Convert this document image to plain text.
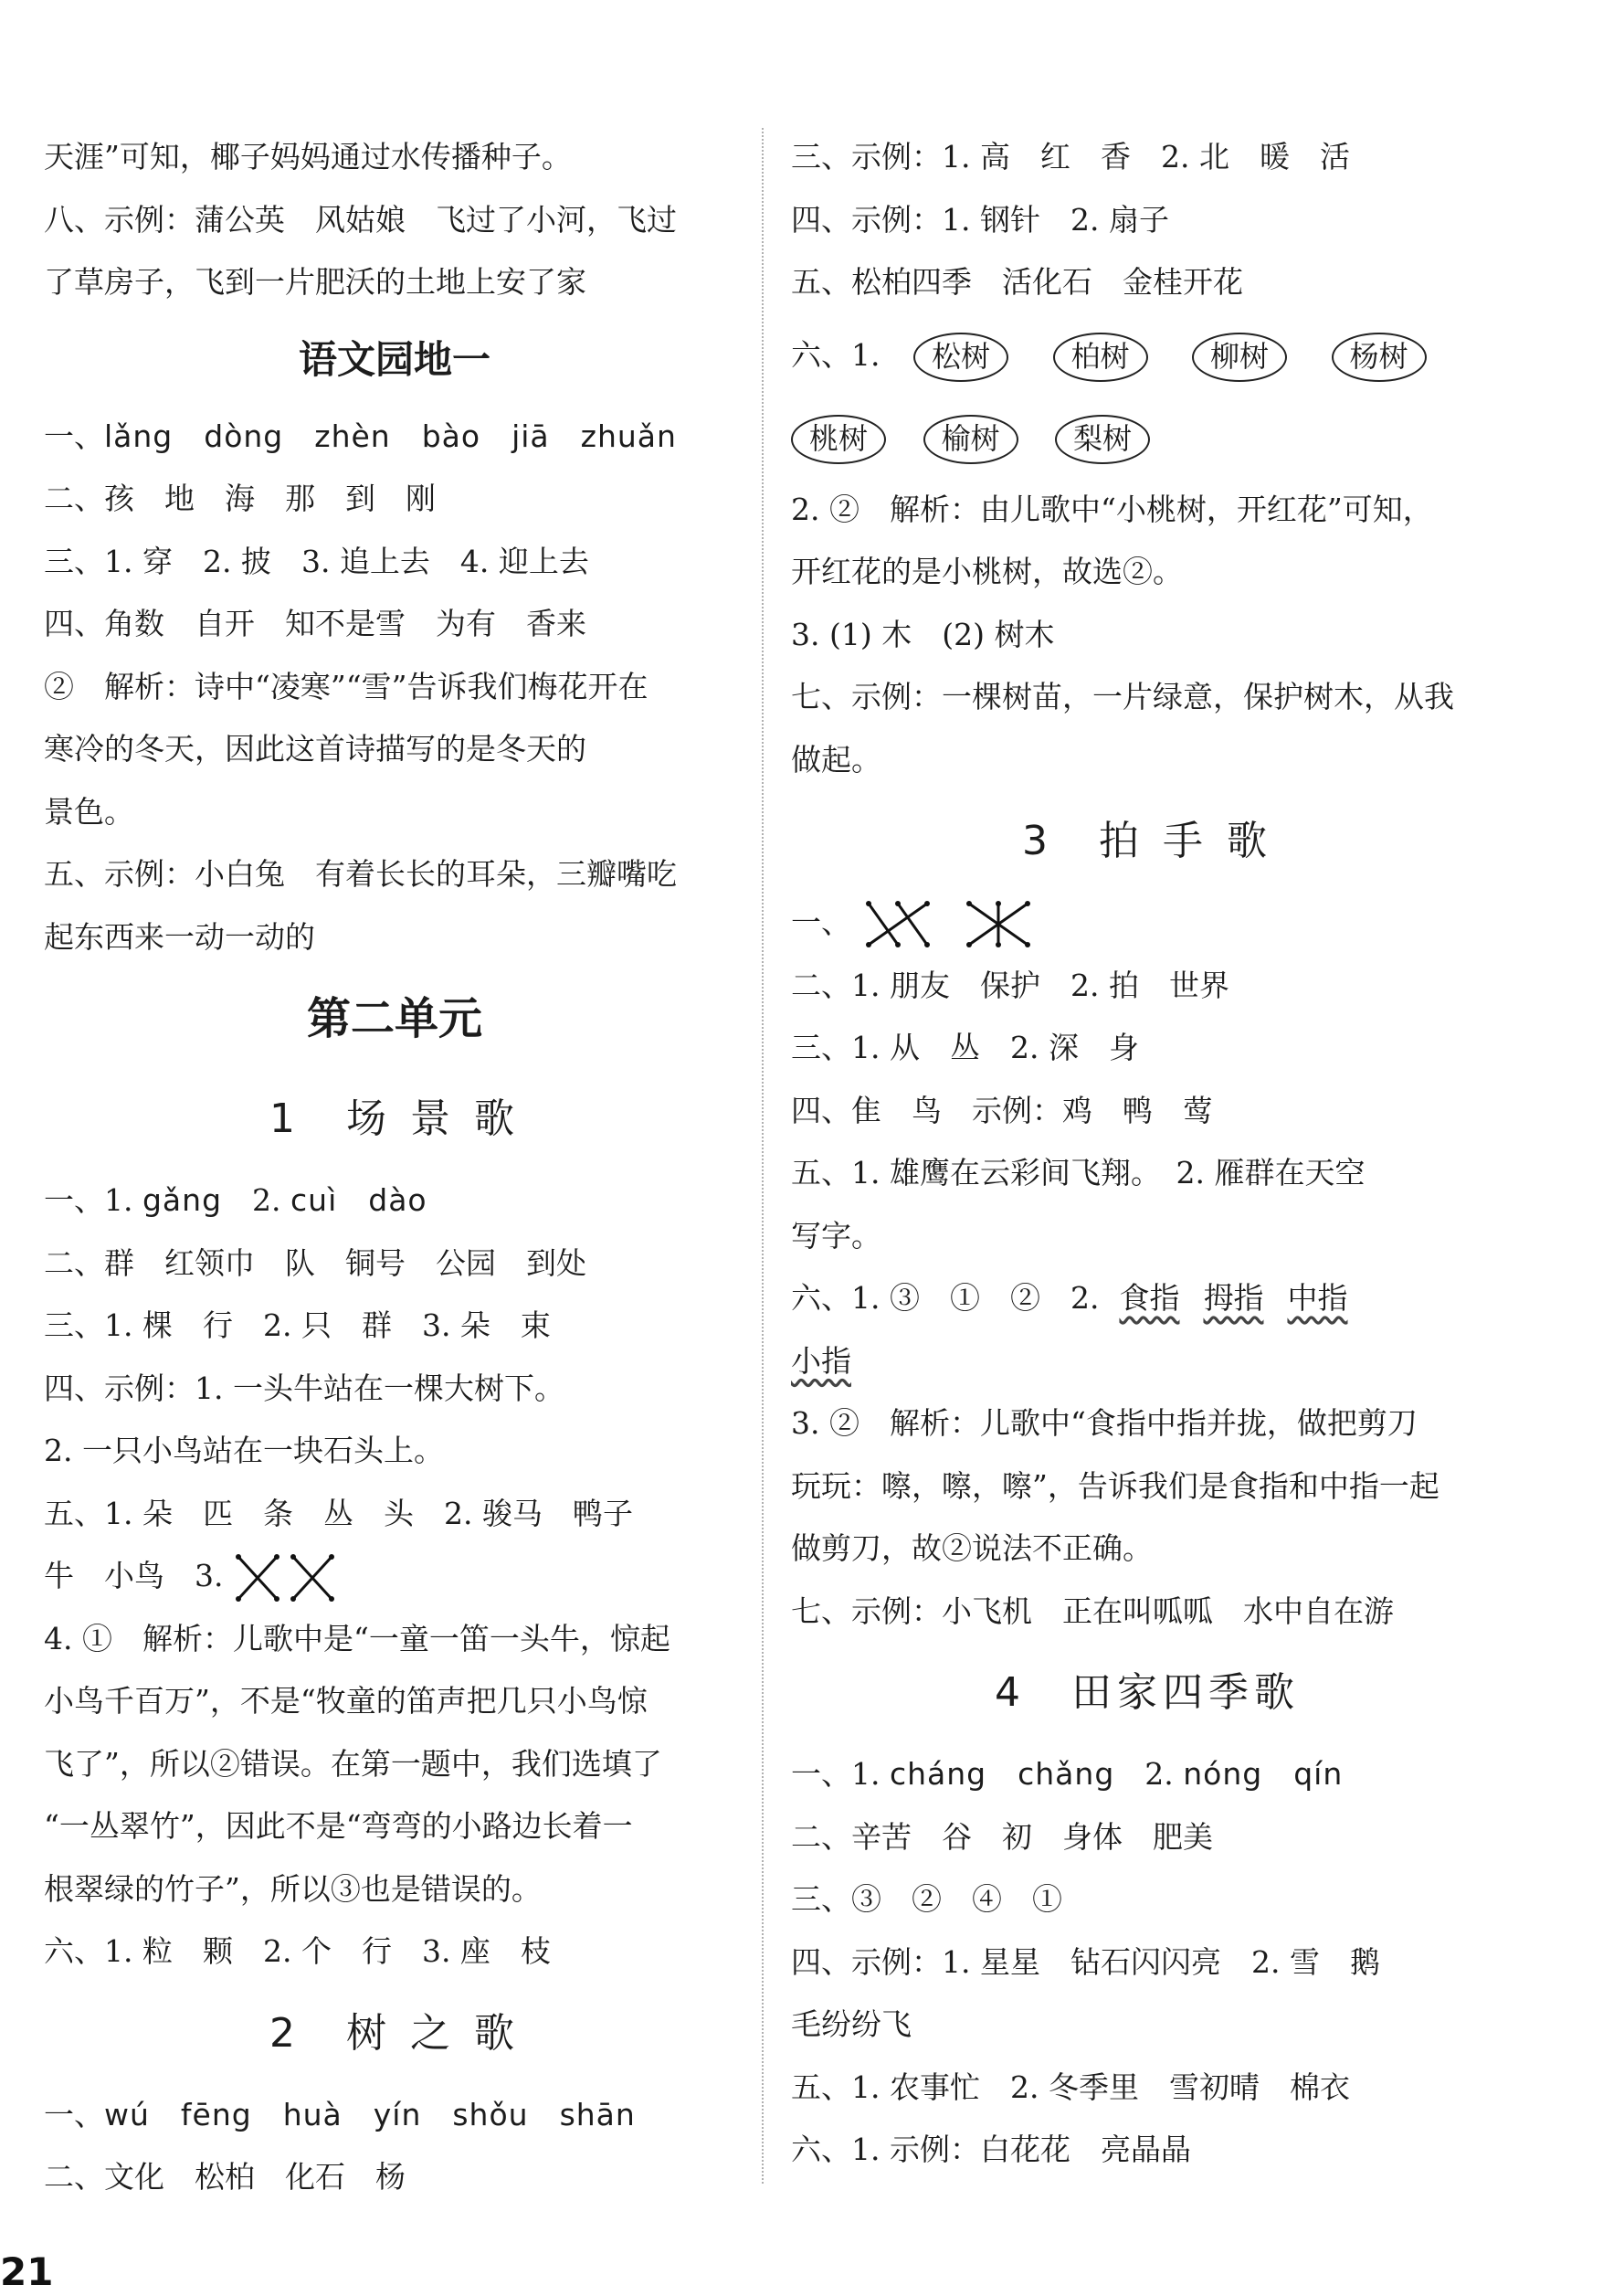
天涯”可知，椰子妈妈通过水传播种子。
八、示例：蒲公英　风姑娘　飞过了小河，飞过
了草房子，飞到一片肥沃的土地上安了家
语文园地一
一、lǎng　dòng　zhèn　bào　jiā　zhuǎn
二、孩　地　海　那　到　刚
三、1. 穿　2. 披　3. 追上去　4. 迎上去
四、角数　自开　知不是雪　为有　香来
②　解析：诗中“凌寒”“雪”告诉我们梅花开在
寒冷的冬天，因此这首诗描写的是冬天的
景色。
五、示例：小白兔　有着长长的耳朵，三瓣嘴吃
起东西来一动一动的
第二单元
1　场 景 歌
一、1. gǎng　2. cuì　dào
二、群　红领巾　队　铜号　公园　到处
三、1. 棵　行　2. 只　群　3. 朵　束
四、示例：1. 一头牛站在一棵大树下。
2. 一只小鸟站在一块石头上。
五、1. 朵　匹　条　丛　头　2. 骏马　鸭子
牛　小鸟　3.
4. ①　解析：儿歌中是“一童一笛一头牛，惊起
小鸟千百万”，不是“牧童的笛声把几只小鸟惊
飞了”，所以②错误。在第一题中，我们选填了
“一丛翠竹”，因此不是“弯弯的小路边长着一
根翠绿的竹子”，所以③也是错误的。
六、1. 粒　颗　2. 个　行　3. 座　枝
2　树 之 歌
一、wú　fēng　huà　yín　shǒu　shān
二、文化　松柏　化石　杨
三、示例：1. 高　红　香　2. 北　暖　活
四、示例：1. 钢针　2. 扇子
五、松柏四季　活化石　金桂开花
六、1. 松树	柏树	柳树	杨树
桃树	榆树	梨树
2. ②　解析：由儿歌中“小桃树，开红花”可知，
开红花的是小桃树，故选②。
3. (1) 木　(2) 树木
七、示例：一棵树苗，一片绿意，保护树木，从我
做起。
3　拍 手 歌
一、
二、1. 朋友　保护　2. 拍　世界
三、1. 从　丛　2. 深　身
四、隹　鸟　示例：鸡　鸭　莺
五、1. 雄鹰在云彩间飞翔。　2. 雁群在天空
写字。
六、1. ③　①　②　2. 食指 拇指 中指
小指
3. ②　解析：儿歌中“食指中指并拢，做把剪刀
玩玩：嚓，嚓，嚓”，告诉我们是食指和中指一起
做剪刀，故②说法不正确。
七、示例：小飞机　正在叫呱呱　水中自在游
4　田家四季歌
一、1. cháng　chǎng　2. nóng　qín
二、辛苦　谷　初　身体　肥美
三、③　②　④　①
四、示例：1. 星星　钻石闪闪亮　2. 雪　鹅
毛纷纷飞
五、1. 农事忙　2. 冬季里　雪初晴　棉衣
六、1. 示例：白花花　亮晶晶
21
